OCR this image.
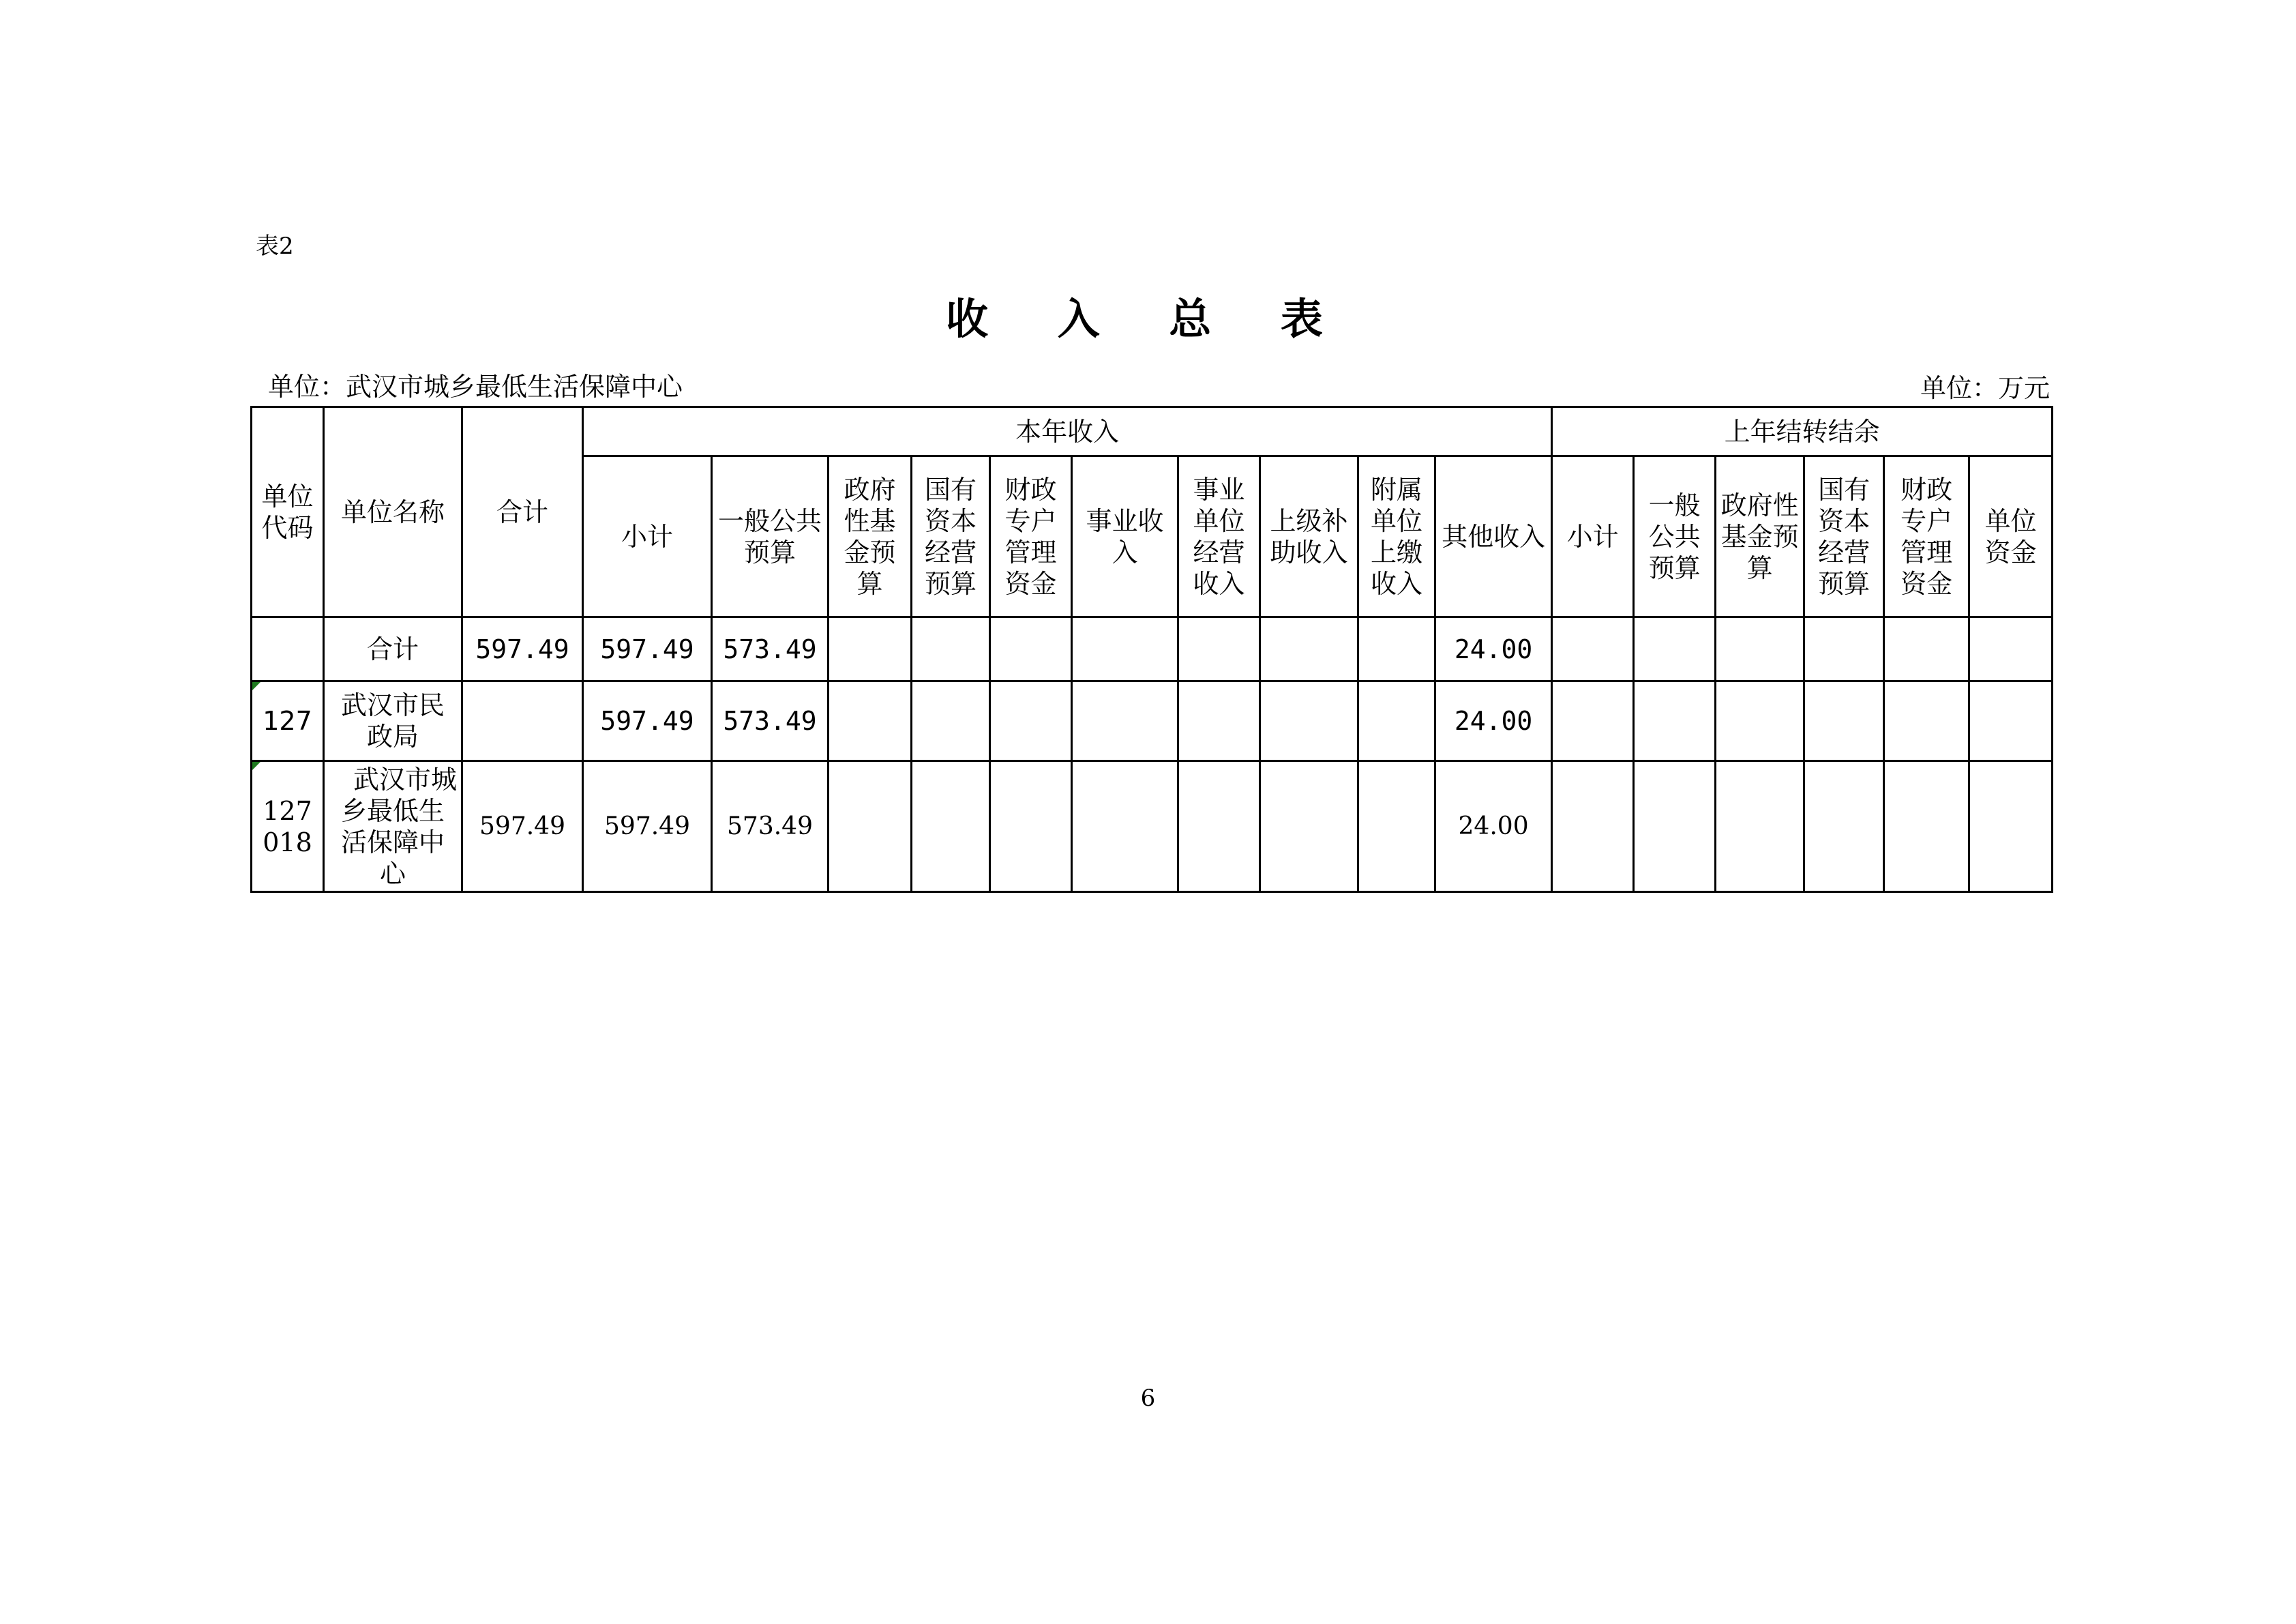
表2
收 入 总 表
单位：武汉市城乡最低生活保障中心	单位：万元
单位代码	单位名称	合计	本年收入										上年结转结余					
			小计	一般公共预算	政府性基金预算	国有资本经营预算	财政专户管理资金	事业收入	事业单位经营收入	上级补助收入	附属单位上缴收入	其他收入	小计	一般公共预算	政府性基金预算	国有资本经营预算	财政专户管理资金	单位资金
	合计	597.49	597.49	573.49								24.00						

127	武汉市民政局		597.49	573.49								24.00						

127018	武汉市城乡最低生活保障中心	597.49	597.49	573.49								24.00						
6
